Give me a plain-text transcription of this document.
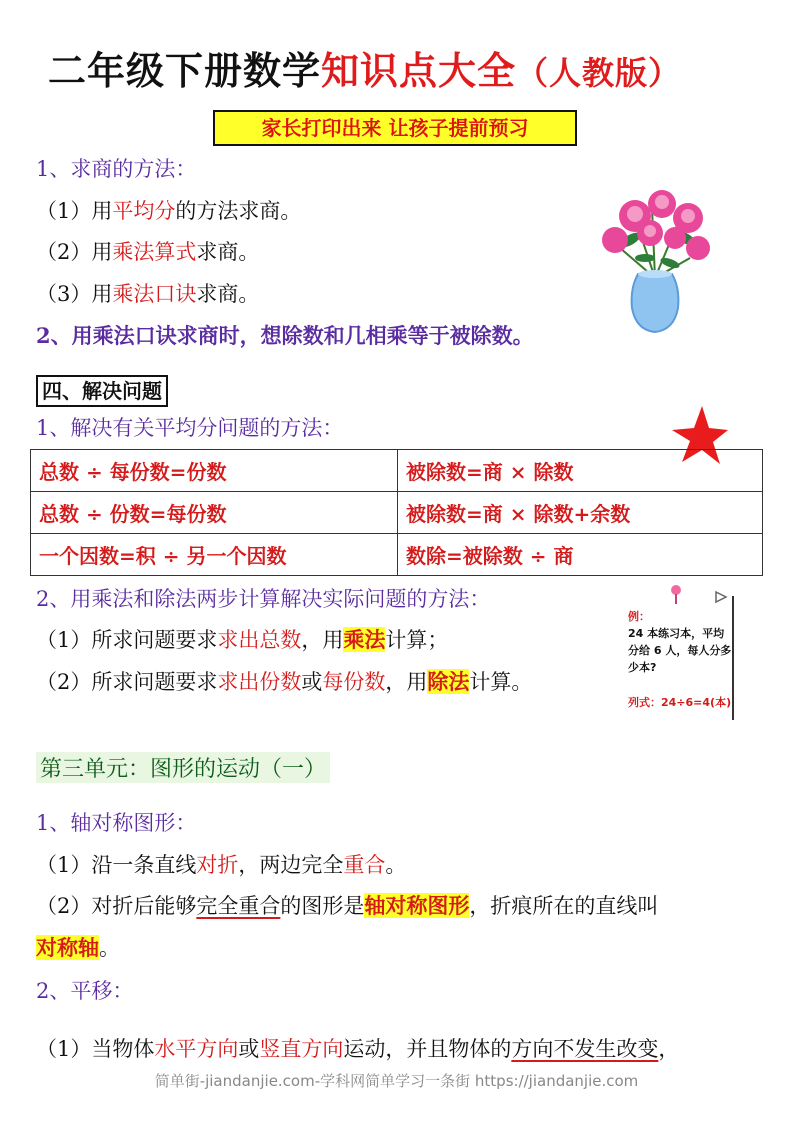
二年级下册数学知识点大全（人教版）
家长打印出来 让孩子提前预习
1、求商的方法：
（1）用平均分的方法求商。
（2）用乘法算式求商。
（3）用乘法口诀求商。
2、用乘法口诀求商时，想除数和几相乘等于被除数。
四、解决问题
1、解决有关平均分问题的方法：
总数 ÷ 每份数=份数	被除数=商 × 除数
总数 ÷ 份数=每份数	被除数=商 × 除数+余数
一个因数=积 ÷ 另一个因数	数除=被除数 ÷ 商
2、用乘法和除法两步计算解决实际问题的方法：
（1）所求问题要求求出总数，用乘法计算；
（2）所求问题要求求出份数或每份数，用除法计算。
例：
24 本练习本，平均分给 6 人，每人分多少本?
列式：24÷6=4(本)
第三单元：图形的运动（一）
1、轴对称图形：
（1）沿一条直线对折，两边完全重合。
（2）对折后能够完全重合的图形是轴对称图形，折痕所在的直线叫
对称轴。
2、平移：
（1）当物体水平方向或竖直方向运动，并且物体的方向不发生改变，
简单街-jiandanjie.com-学科网简单学习一条街 https://jiandanjie.com
